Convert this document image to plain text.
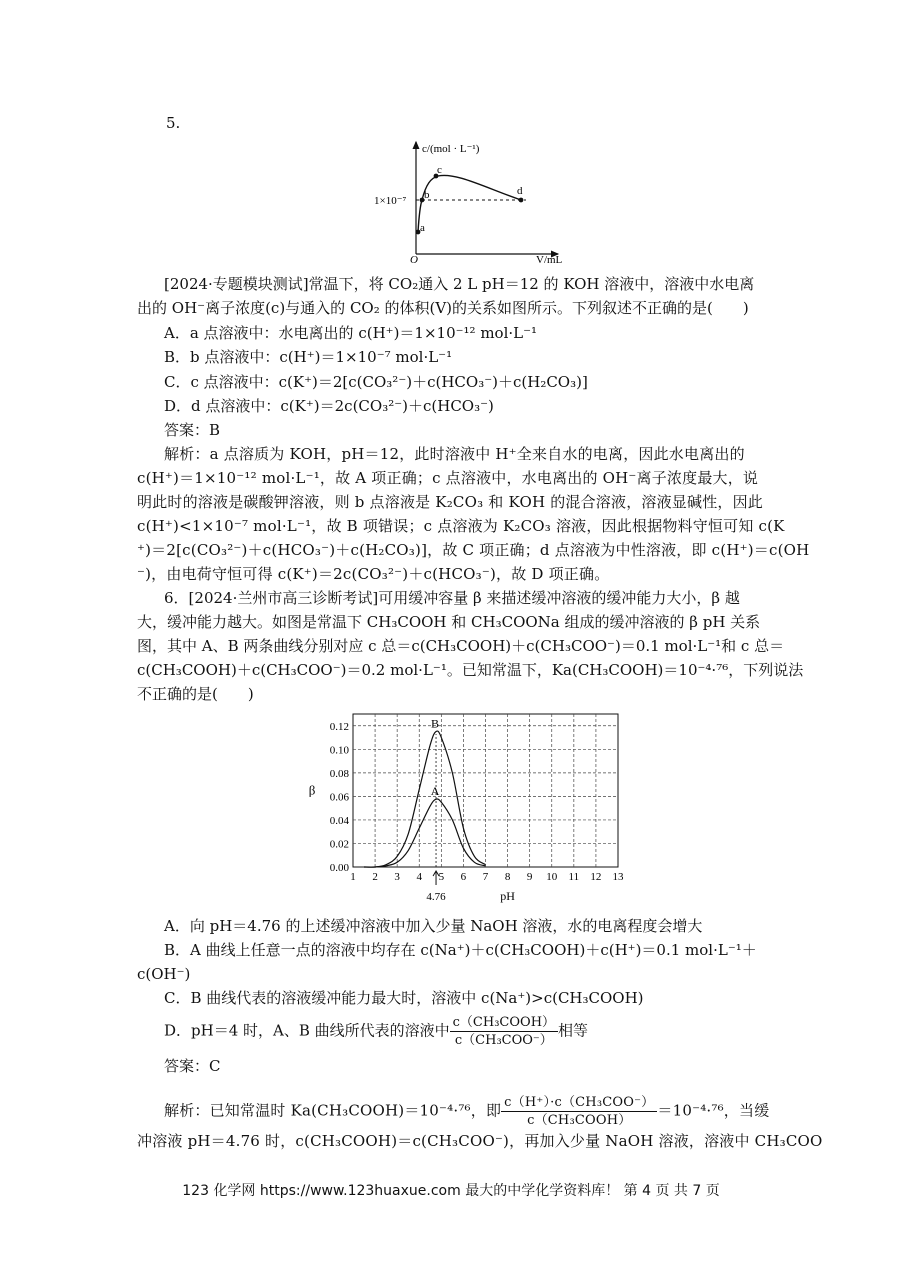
5.
c/(mol · L⁻¹)
1×10⁻⁷
O	V/mL
a
b
c
d
[2024·专题模块测试]常温下，将 CO₂通入 2 L pH＝12 的 KOH 溶液中，溶液中水电离
出的 OH⁻离子浓度(c)与通入的 CO₂ 的体积(V)的关系如图所示。下列叙述不正确的是(　　)
A．a 点溶液中：水电离出的 c(H⁺)＝1×10⁻¹² mol·L⁻¹
B．b 点溶液中：c(H⁺)＝1×10⁻⁷ mol·L⁻¹
C．c 点溶液中：c(K⁺)＝2[c(CO₃²⁻)＋c(HCO₃⁻)＋c(H₂CO₃)]
D．d 点溶液中：c(K⁺)＝2c(CO₃²⁻)＋c(HCO₃⁻)
答案：B
解析：a 点溶质为 KOH，pH＝12，此时溶液中 H⁺全来自水的电离，因此水电离出的
c(H⁺)＝1×10⁻¹² mol·L⁻¹，故 A 项正确；c 点溶液中，水电离出的 OH⁻离子浓度最大，说
明此时的溶液是碳酸钾溶液，则 b 点溶液是 K₂CO₃ 和 KOH 的混合溶液，溶液显碱性，因此
c(H⁺)<1×10⁻⁷ mol·L⁻¹，故 B 项错误；c 点溶液为 K₂CO₃ 溶液，因此根据物料守恒可知 c(K
⁺)＝2[c(CO₃²⁻)＋c(HCO₃⁻)＋c(H₂CO₃)]，故 C 项正确；d 点溶液为中性溶液，即 c(H⁺)＝c(OH
⁻)，由电荷守恒可得 c(K⁺)＝2c(CO₃²⁻)＋c(HCO₃⁻)，故 D 项正确。
6．[2024·兰州市高三诊断考试]可用缓冲容量 β 来描述缓冲溶液的缓冲能力大小，β 越
大，缓冲能力越大。如图是常温下 CH₃COOH 和 CH₃COONa 组成的缓冲溶液的 β pH 关系
图，其中 A、B 两条曲线分别对应 c 总＝c(CH₃COOH)＋c(CH₃COO⁻)＝0.1 mol·L⁻¹和 c 总＝
c(CH₃COOH)＋c(CH₃COO⁻)＝0.2 mol·L⁻¹。已知常温下，Ka(CH₃COOH)＝10⁻⁴·⁷⁶，下列说法
不正确的是(　　)
1 2 3 4 5 6 7 8 9 10 11 12 13
0.00
0.02
0.04
0.06
0.08
0.10
0.12
4.76	pH
β	A
B
A．向 pH＝4.76 的上述缓冲溶液中加入少量 NaOH 溶液，水的电离程度会增大
B．A 曲线上任意一点的溶液中均存在 c(Na⁺)＋c(CH₃COOH)＋c(H⁺)＝0.1 mol·L⁻¹＋
c(OH⁻)
C．B 曲线代表的溶液缓冲能力最大时，溶液中 c(Na⁺)>c(CH₃COOH)
D．pH＝4 时，A、B 曲线所代表的溶液中 $\frac{\text{c（CH₃COOH）}}{\text{c（CH₃COO⁻）}}$ 相等
答案：C
解析：已知常温时 Ka(CH₃COOH)＝10⁻⁴·⁷⁶，即 $\frac{\text{c（H⁺）·c（CH₃COO⁻）}}{\text{c（CH₃COOH）}} =10^{-4}\cdot^{76}$，当缓
冲溶液 pH＝4.76 时，c(CH₃COOH)＝c(CH₃COO⁻)，再加入少量 NaOH 溶液，溶液中 CH₃COO
123 化学网 https://www.123huaxue.com 最大的中学化学资料库！ 第 4 页 共 7 页
